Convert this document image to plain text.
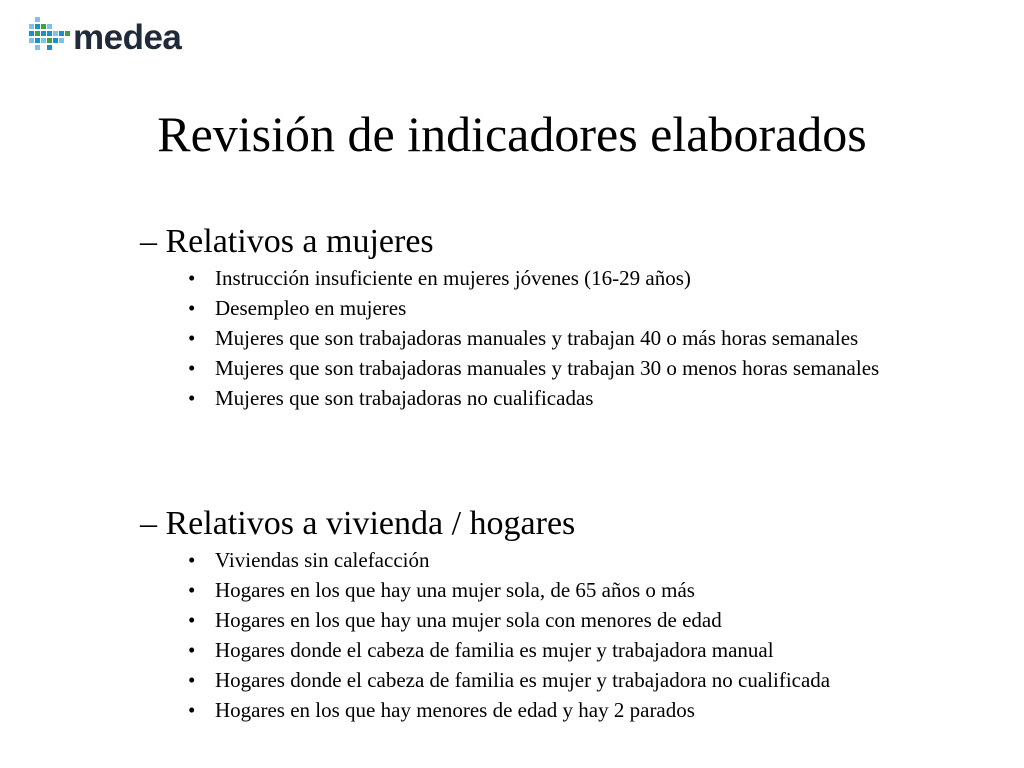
medea
Revisión de indicadores elaborados
– Relativos a mujeres
• Instrucción insuficiente en mujeres jóvenes (16-29 años)
• Desempleo en mujeres
• Mujeres que son trabajadoras manuales y trabajan 40 o más horas semanales
• Mujeres que son trabajadoras manuales y trabajan 30 o menos horas semanales
• Mujeres que son trabajadoras no cualificadas
– Relativos a vivienda / hogares
• Viviendas sin calefacción
• Hogares en los que hay una mujer sola, de 65 años o más
• Hogares en los que hay una mujer sola con menores de edad
• Hogares donde el cabeza de familia es mujer y trabajadora manual
• Hogares donde el cabeza de familia es mujer y trabajadora no cualificada
• Hogares en los que hay menores de edad y hay 2 parados
